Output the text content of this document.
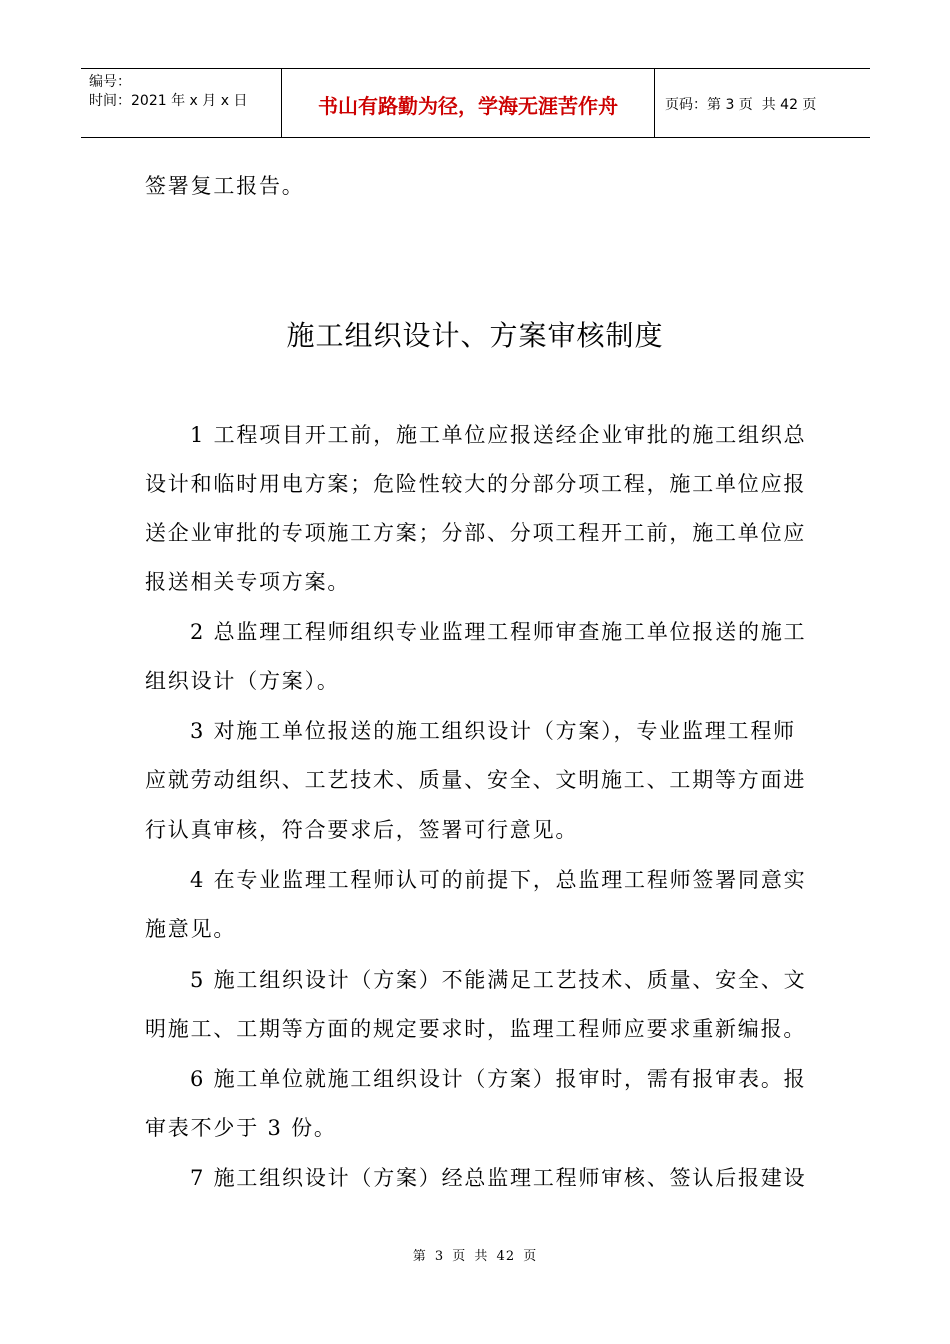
编号：
时间：2021 年 x 月 x 日	书山有路勤为径，学海无涯苦作舟	页码：第 3 页  共 42 页
签署复工报告。
施工组织设计、方案审核制度
1 工程项目开工前，施工单位应报送经企业审批的施工组织总
设计和临时用电方案；危险性较大的分部分项工程，施工单位应报
送企业审批的专项施工方案；分部、分项工程开工前，施工单位应
报送相关专项方案。
2 总监理工程师组织专业监理工程师审查施工单位报送的施工
组织设计（方案）。
3 对施工单位报送的施工组织设计（方案），专业监理工程师
应就劳动组织、工艺技术、质量、安全、文明施工、工期等方面进
行认真审核，符合要求后，签署可行意见。
4 在专业监理工程师认可的前提下，总监理工程师签署同意实
施意见。
5 施工组织设计（方案）不能满足工艺技术、质量、安全、文
明施工、工期等方面的规定要求时，监理工程师应要求重新编报。
6 施工单位就施工组织设计（方案）报审时，需有报审表。报
审表不少于 3 份。
7 施工组织设计（方案）经总监理工程师审核、签认后报建设
第 3 页 共 42 页
